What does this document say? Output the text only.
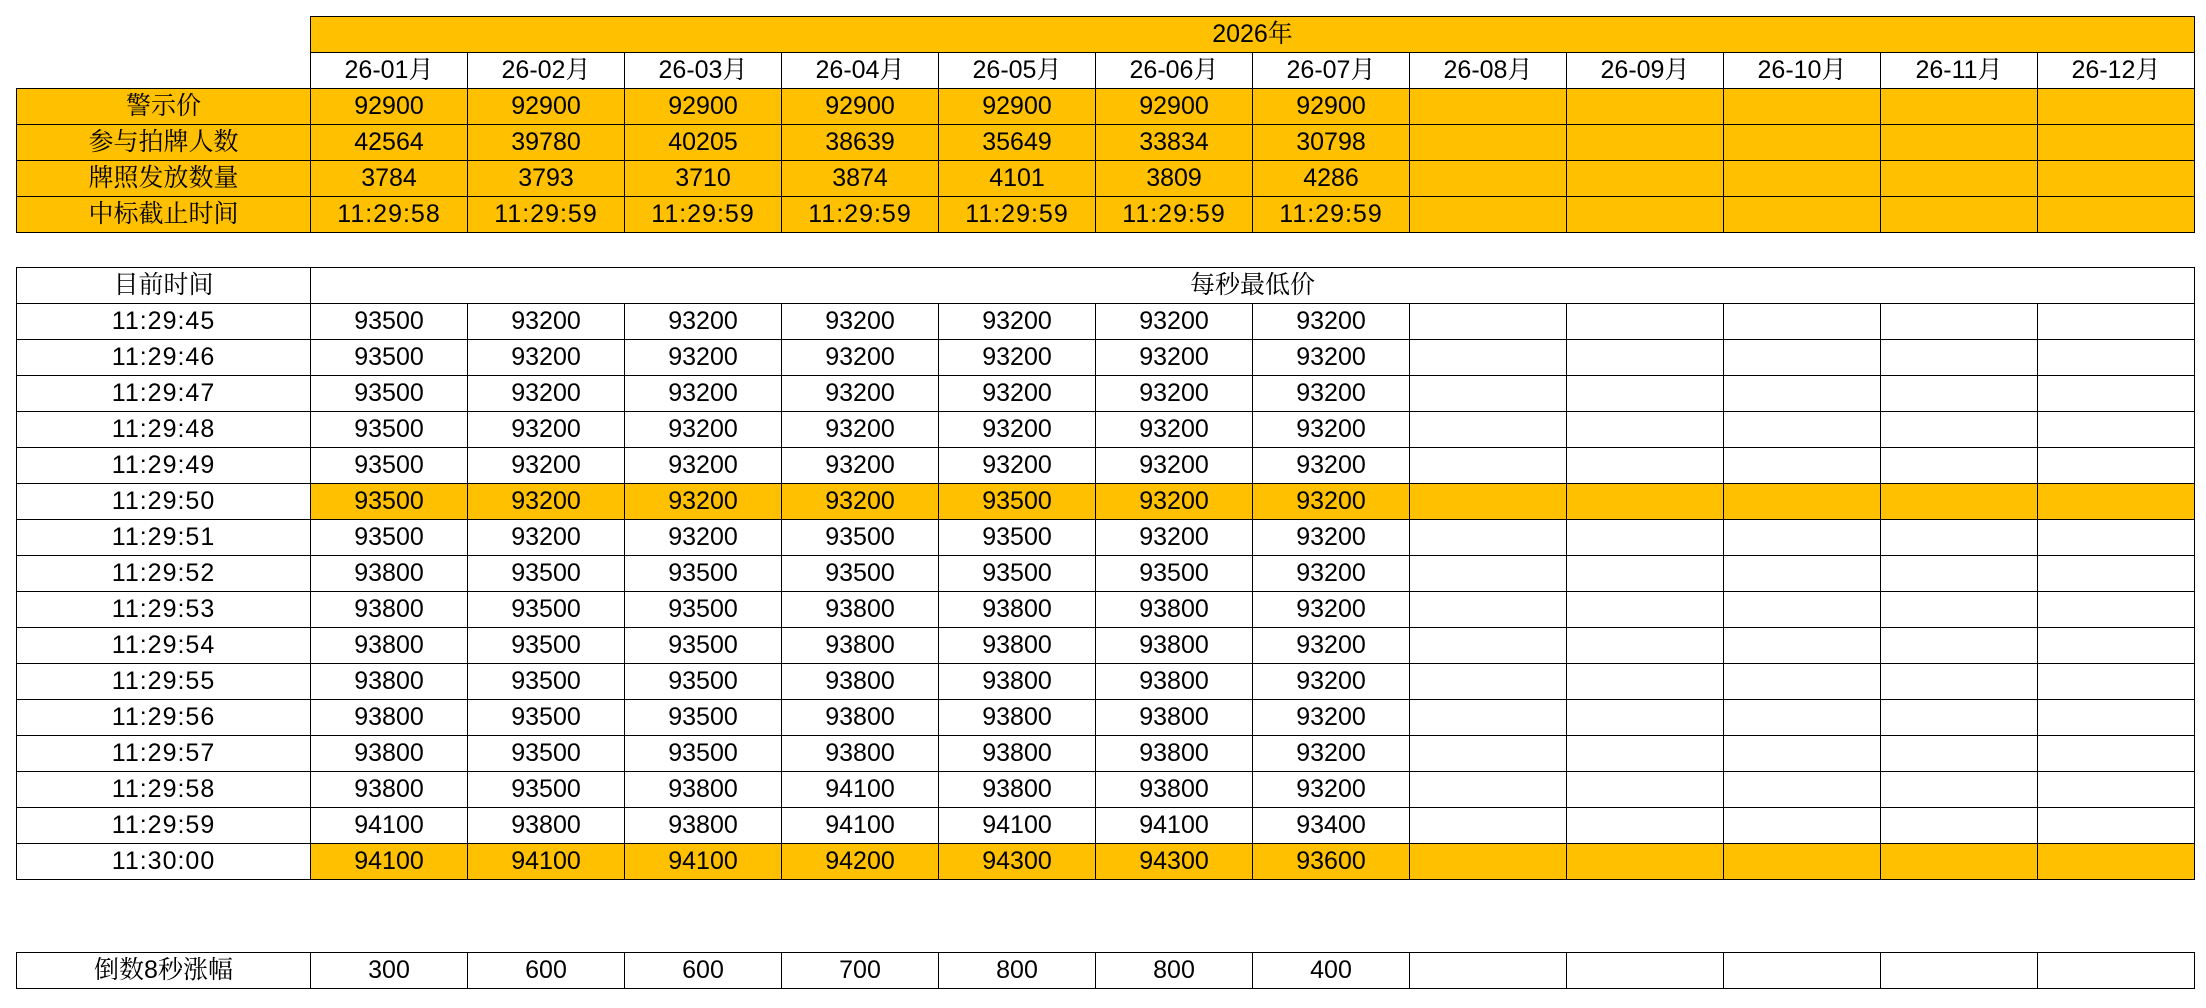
	2026年											
	26-01月	26-02月	26-03月	26-04月	26-05月	26-06月	26-07月	26-08月	26-09月	26-10月	26-11月	26-12月
警示价	92900	92900	92900	92900	92900	92900	92900					
参与拍牌人数	42564	39780	40205	38639	35649	33834	30798					
牌照发放数量	3784	3793	3710	3874	4101	3809	4286					
中标截止时间	11:29:58	11:29:59	11:29:59	11:29:59	11:29:59	11:29:59	11:29:59					
目前时间	每秒最低价											
11:29:45	93500	93200	93200	93200	93200	93200	93200					
11:29:46	93500	93200	93200	93200	93200	93200	93200					
11:29:47	93500	93200	93200	93200	93200	93200	93200					
11:29:48	93500	93200	93200	93200	93200	93200	93200					
11:29:49	93500	93200	93200	93200	93200	93200	93200					
11:29:50	93500	93200	93200	93200	93500	93200	93200					
11:29:51	93500	93200	93200	93500	93500	93200	93200					
11:29:52	93800	93500	93500	93500	93500	93500	93200					
11:29:53	93800	93500	93500	93800	93800	93800	93200					
11:29:54	93800	93500	93500	93800	93800	93800	93200					
11:29:55	93800	93500	93500	93800	93800	93800	93200					
11:29:56	93800	93500	93500	93800	93800	93800	93200					
11:29:57	93800	93500	93500	93800	93800	93800	93200					
11:29:58	93800	93500	93800	94100	93800	93800	93200					
11:29:59	94100	93800	93800	94100	94100	94100	93400					
11:30:00	94100	94100	94100	94200	94300	94300	93600					
倒数8秒涨幅	300	600	600	700	800	800	400					
